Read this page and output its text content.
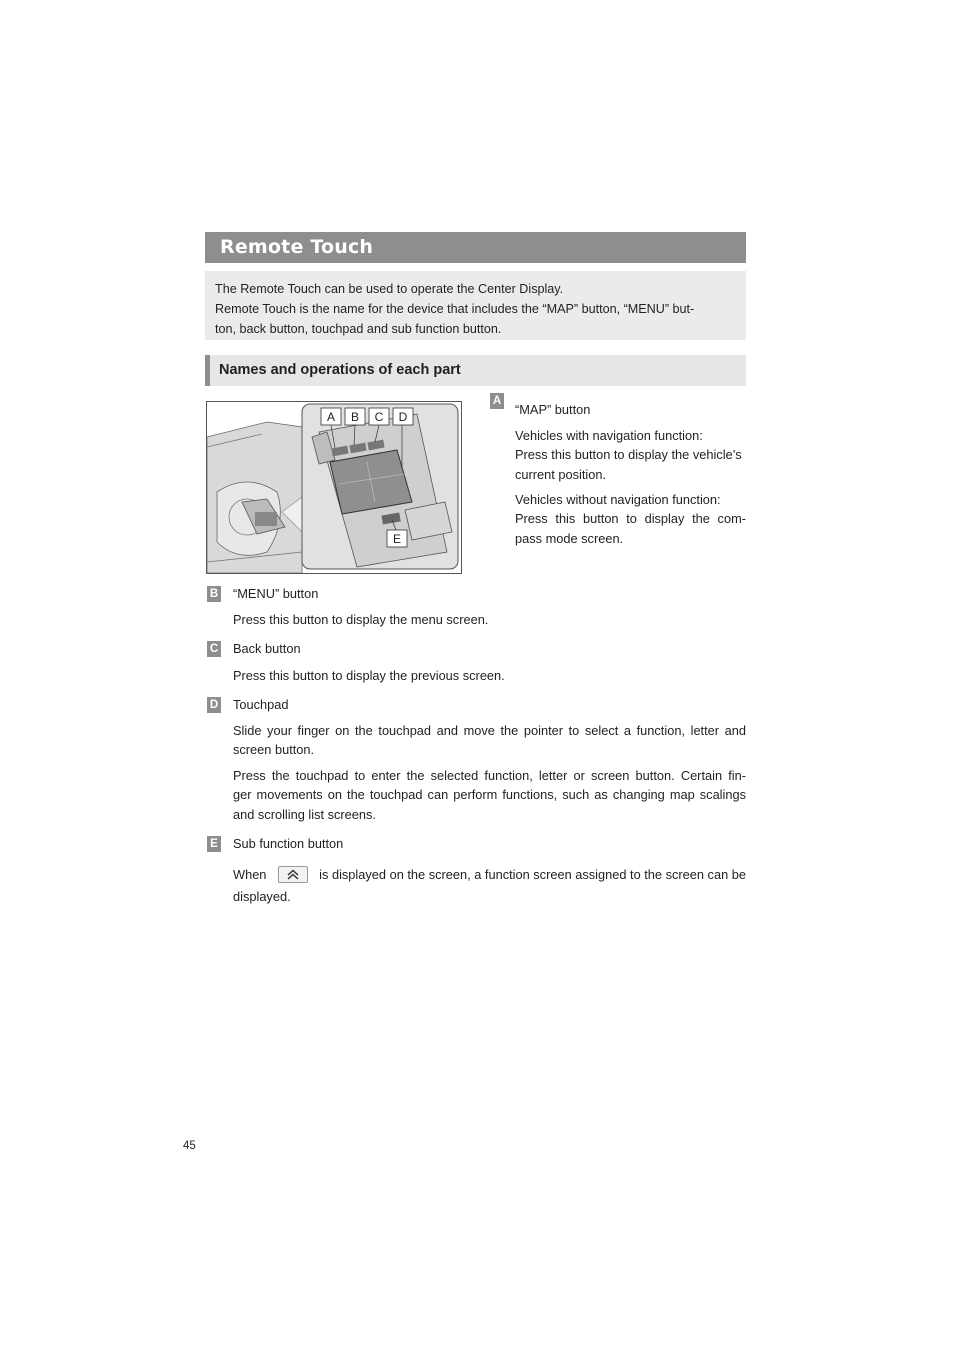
Remote Touch

The Remote Touch can be used to operate the Center Display.

Remote Touch is the name for the device that includes the “MAP” button, “MENU” but-

ton, back button, touchpad and sub function button.

Names and operations of each part
A B C D
E
A

“MAP” button

Vehicles with navigation function:

Press this button to display the vehicle’s

current position.

Vehicles without navigation function:

Press this button to display the com-

pass mode screen.

B “MENU” button

Press this button to display the menu screen.

C Back button

Press this button to display the previous screen.

D Touchpad

Slide your finger on the touchpad and move the pointer to select a function, letter and

screen button.

Press the touchpad to enter the selected function, letter or screen button. Certain fin-

ger movements on the touchpad can perform functions, such as changing map scalings

and scrolling list screens.

E Sub function button

When	is displayed on the screen, a function screen assigned to the screen can be

displayed.

45
